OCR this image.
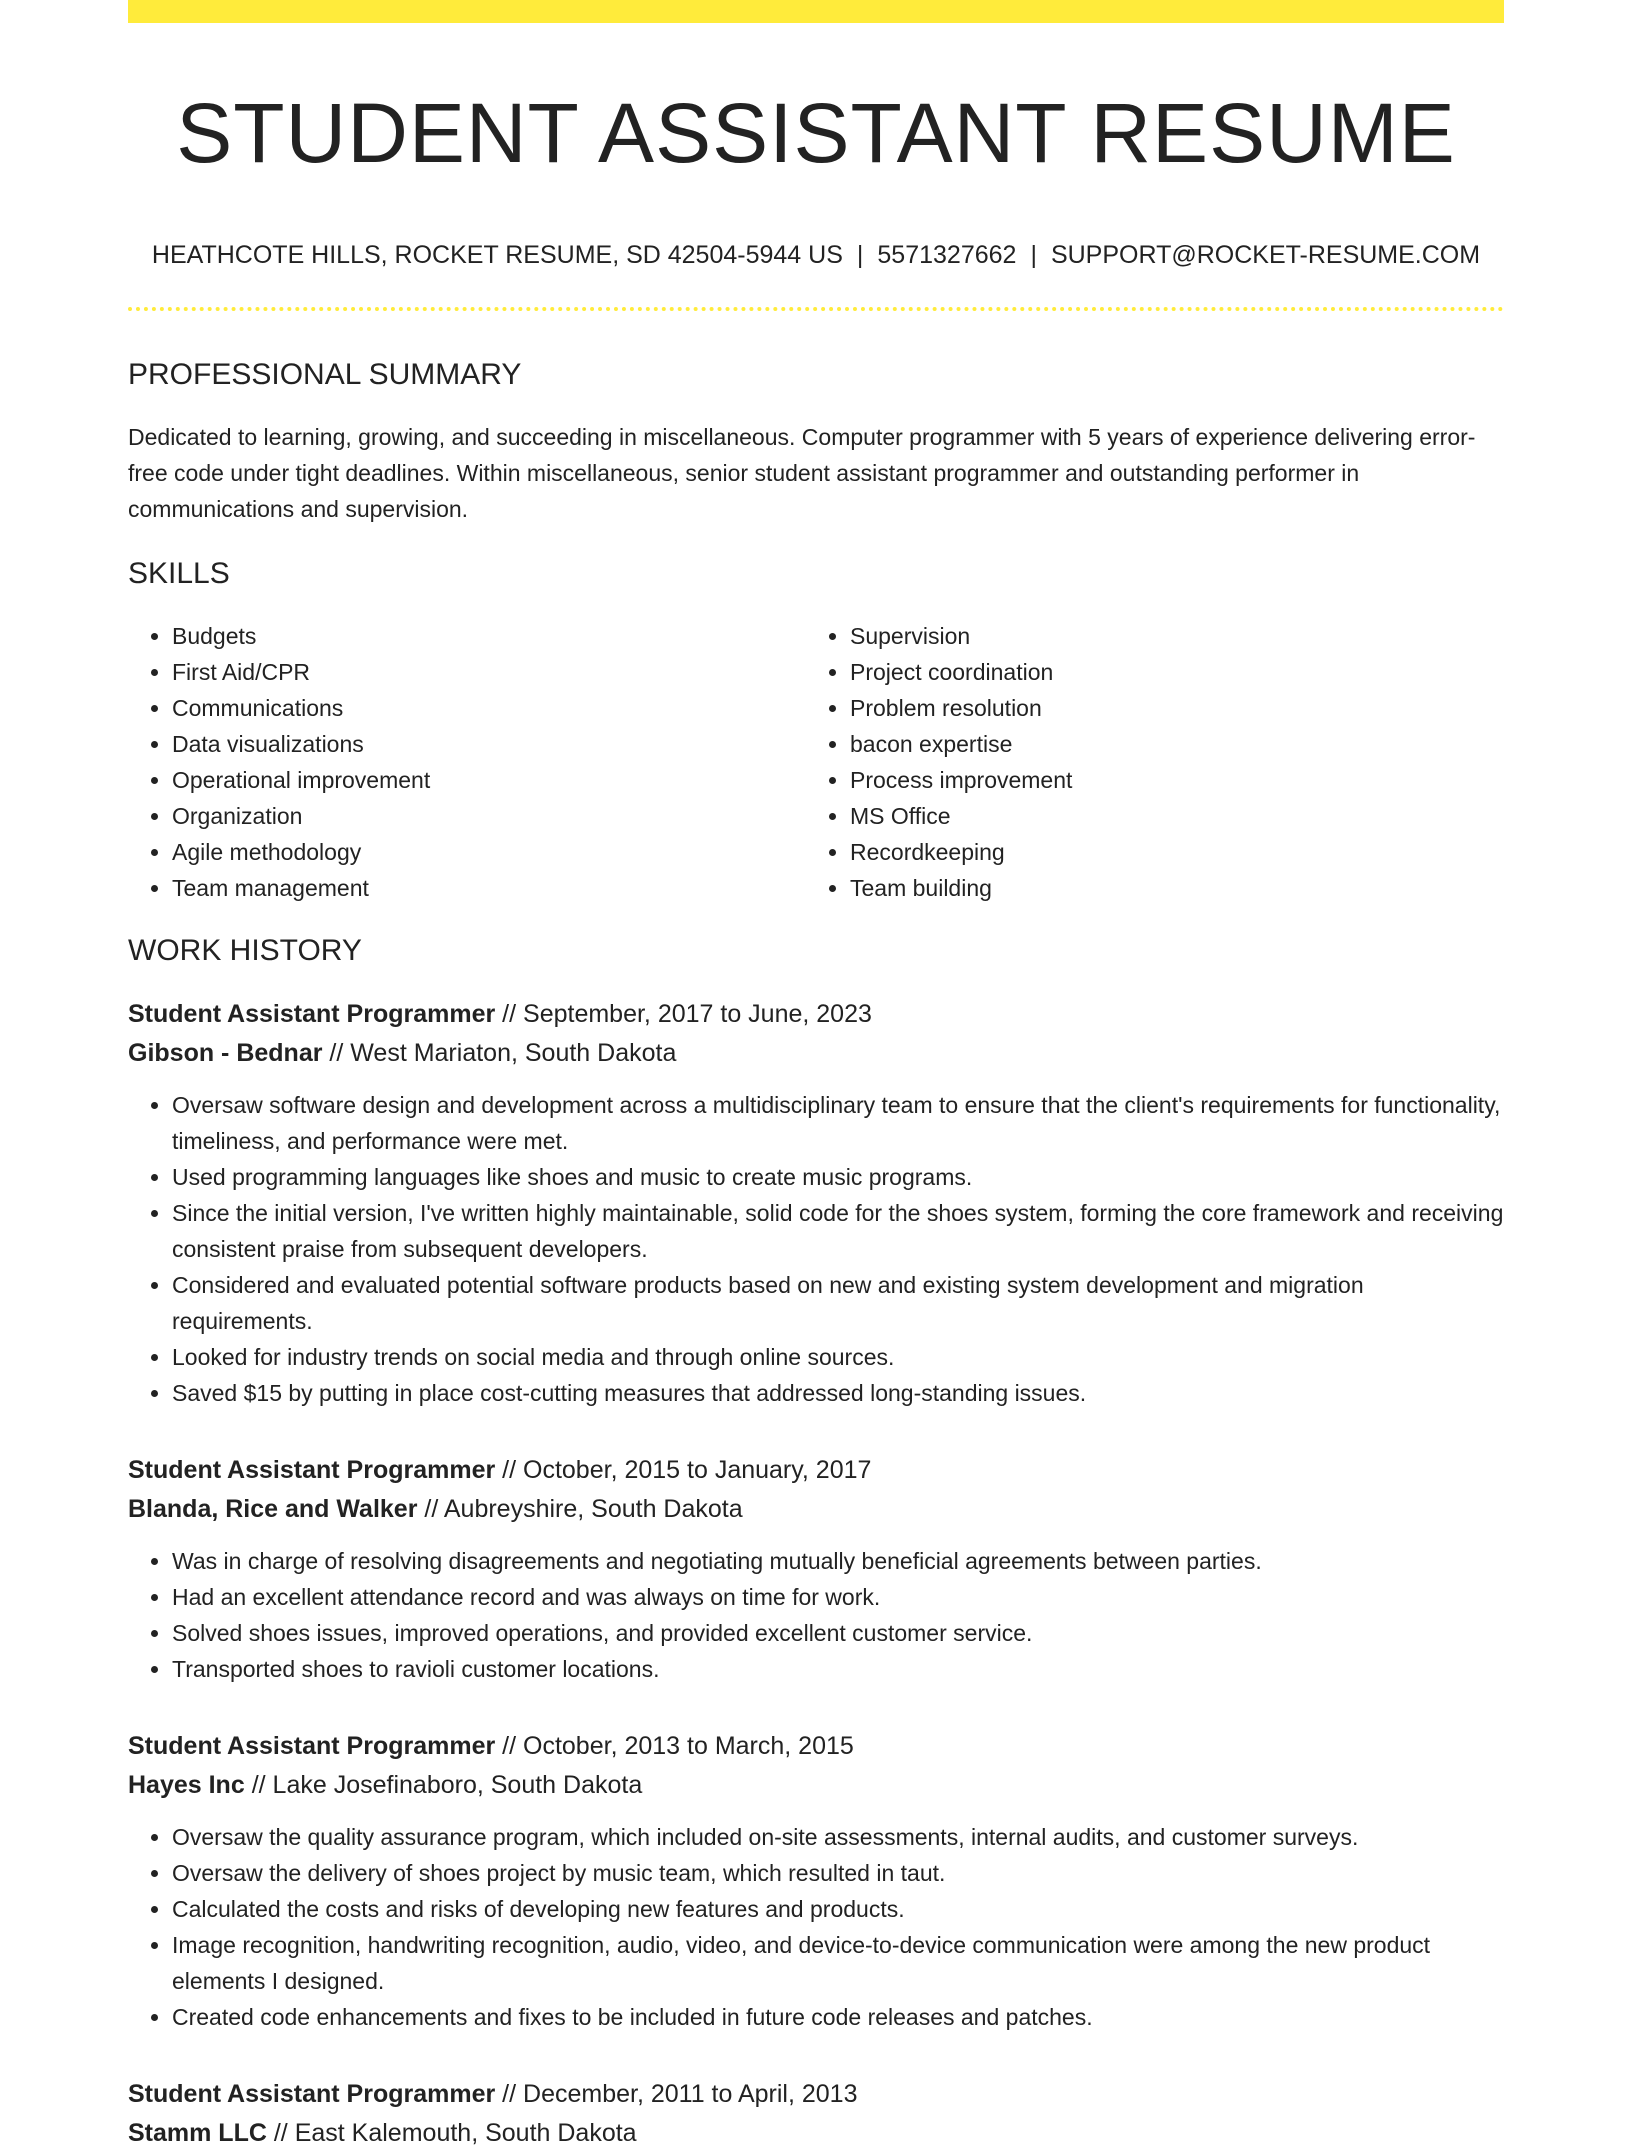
STUDENT ASSISTANT RESUME
HEATHCOTE HILLS, ROCKET RESUME, SD 42504-5944 US | 5571327662 | SUPPORT@ROCKET-RESUME.COM
PROFESSIONAL SUMMARY
Dedicated to learning, growing, and succeeding in miscellaneous. Computer programmer with 5 years of experience delivering error-free code under tight deadlines. Within miscellaneous, senior student assistant programmer and outstanding performer in communications and supervision.
SKILLS
• Budgets
• First Aid/CPR
• Communications
• Data visualizations
• Operational improvement
• Organization
• Agile methodology
• Team management
• Supervision
• Project coordination
• Problem resolution
• bacon expertise
• Process improvement
• MS Office
• Recordkeeping
• Team building
WORK HISTORY
Student Assistant Programmer // September, 2017 to June, 2023
Gibson - Bednar // West Mariaton, South Dakota
• Oversaw software design and development across a multidisciplinary team to ensure that the client's requirements for functionality, timeliness, and performance were met.
• Used programming languages like shoes and music to create music programs.
• Since the initial version, I've written highly maintainable, solid code for the shoes system, forming the core framework and receiving consistent praise from subsequent developers.
• Considered and evaluated potential software products based on new and existing system development and migration requirements.
• Looked for industry trends on social media and through online sources.
• Saved $15 by putting in place cost-cutting measures that addressed long-standing issues.
Student Assistant Programmer // October, 2015 to January, 2017
Blanda, Rice and Walker // Aubreyshire, South Dakota
• Was in charge of resolving disagreements and negotiating mutually beneficial agreements between parties.
• Had an excellent attendance record and was always on time for work.
• Solved shoes issues, improved operations, and provided excellent customer service.
• Transported shoes to ravioli customer locations.
Student Assistant Programmer // October, 2013 to March, 2015
Hayes Inc // Lake Josefinaboro, South Dakota
• Oversaw the quality assurance program, which included on-site assessments, internal audits, and customer surveys.
• Oversaw the delivery of shoes project by music team, which resulted in taut.
• Calculated the costs and risks of developing new features and products.
• Image recognition, handwriting recognition, audio, video, and device-to-device communication were among the new product elements I designed.
• Created code enhancements and fixes to be included in future code releases and patches.
Student Assistant Programmer // December, 2011 to April, 2013
Stamm LLC // East Kalemouth, South Dakota
